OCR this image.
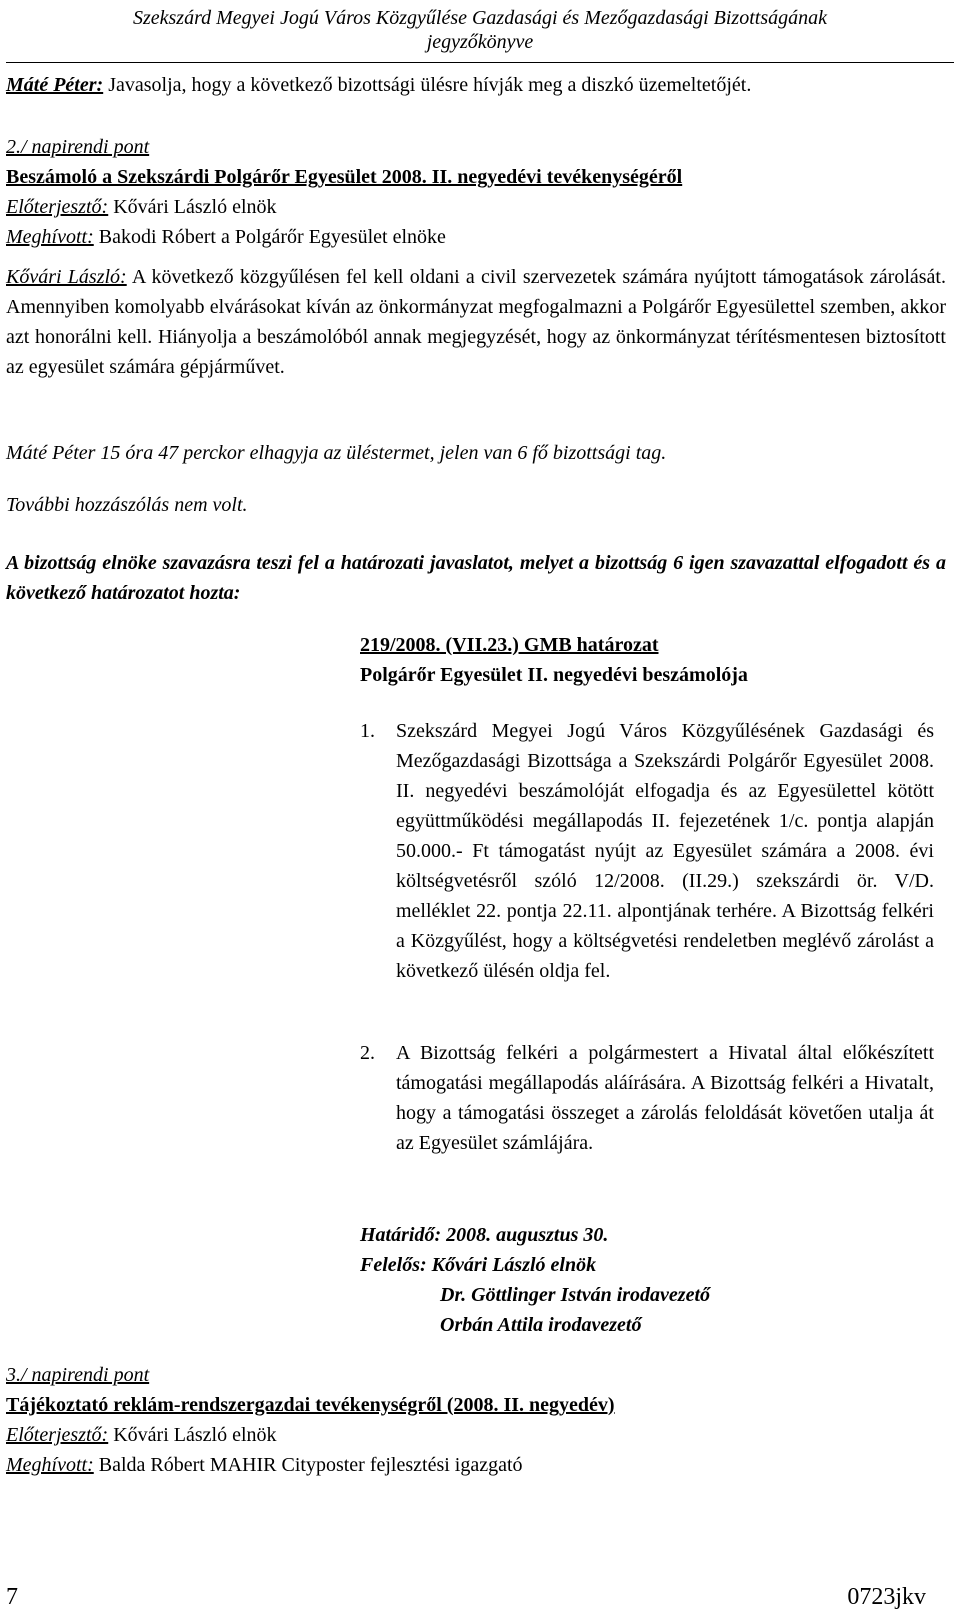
Szekszárd Megyei Jogú Város Közgyűlése Gazdasági és Mezőgazdasági Bizottságának
jegyzőkönyve
Máté Péter: Javasolja, hogy a következő bizottsági ülésre hívják meg a diszkó üzemeltetőjét.
2./ napirendi pont
Beszámoló a Szekszárdi Polgárőr Egyesület 2008. II. negyedévi tevékenységéről
Előterjesztő: Kővári László elnök
Meghívott: Bakodi Róbert a Polgárőr Egyesület elnöke
Kővári László: A következő közgyűlésen fel kell oldani a civil szervezetek számára nyújtott támogatások zárolását. Amennyiben komolyabb elvárásokat kíván az önkormányzat megfogalmazni a Polgárőr Egyesülettel szemben, akkor azt honorálni kell. Hiányolja a beszámolóból annak megjegyzését, hogy az önkormányzat térítésmentesen biztosított az egyesület számára gépjárművet.
Máté Péter 15 óra 47 perckor elhagyja az üléstermet, jelen van 6 fő bizottsági tag.
További hozzászólás nem volt.
A bizottság elnöke szavazásra teszi fel a határozati javaslatot, melyet a bizottság 6 igen szavazattal elfogadott és a következő határozatot hozta:
219/2008. (VII.23.) GMB határozat
Polgárőr Egyesület II. negyedévi beszámolója
1. Szekszárd Megyei Jogú Város Közgyűlésének Gazdasági és Mezőgazdasági Bizottsága a Szekszárdi Polgárőr Egyesület 2008. II. negyedévi beszámolóját elfogadja és az Egyesülettel kötött együttműködési megállapodás II. fejezetének 1/c. pontja alapján 50.000.- Ft támogatást nyújt az Egyesület számára a 2008. évi költségvetésről szóló 12/2008. (II.29.) szekszárdi ör. V/D. melléklet 22. pontja 22.11. alpontjának terhére. A Bizottság felkéri a Közgyűlést, hogy a költségvetési rendeletben meglévő zárolást a következő ülésén oldja fel.
2. A Bizottság felkéri a polgármestert a Hivatal által előkészített támogatási megállapodás aláírására. A Bizottság felkéri a Hivatalt, hogy a támogatási összeget a zárolás feloldását követően utalja át az Egyesület számlájára.
Határidő: 2008. augusztus 30.
Felelős: Kővári László elnök
Dr. Göttlinger István irodavezető
Orbán Attila irodavezető
3./ napirendi pont
Tájékoztató reklám-rendszergazdai tevékenységről (2008. II. negyedév)
Előterjesztő: Kővári László elnök
Meghívott: Balda Róbert MAHIR Cityposter fejlesztési igazgató
7	0723jkv
